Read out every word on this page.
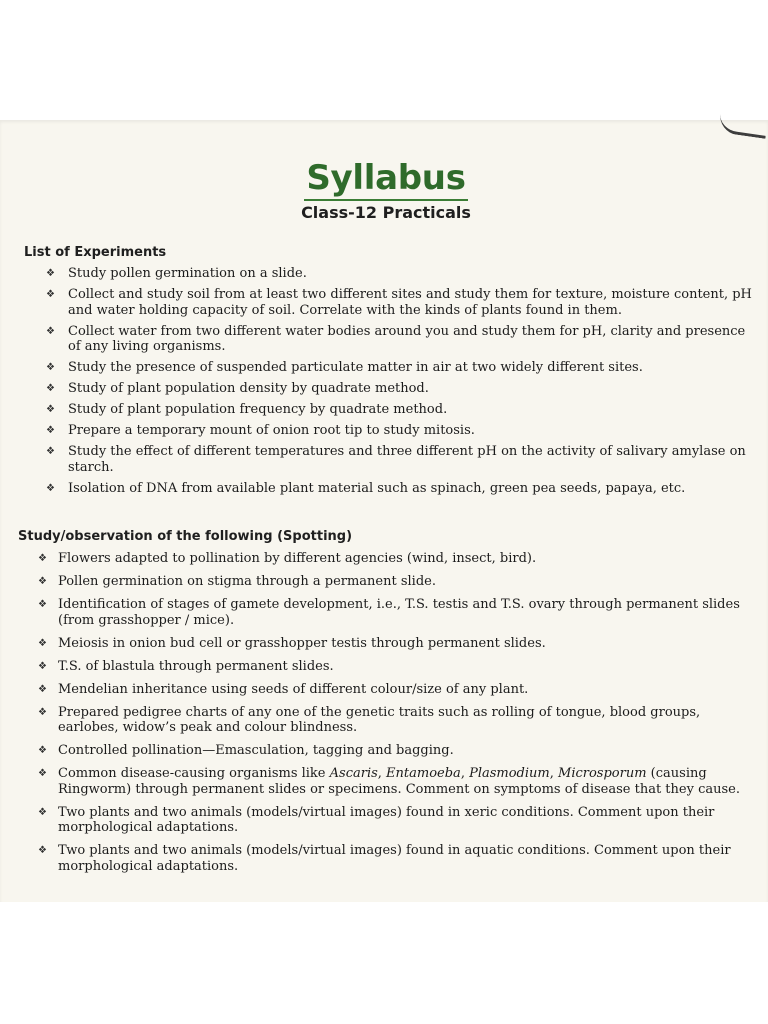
Syllabus
Class-12 Practicals
List of Experiments
❖ Study pollen germination on a slide.
❖ Collect and study soil from at least two different sites and study them for texture, moisture content, pH and water holding capacity of soil. Correlate with the kinds of plants found in them.
❖ Collect water from two different water bodies around you and study them for pH, clarity and presence of any living organisms.
❖ Study the presence of suspended particulate matter in air at two widely different sites.
❖ Study of plant population density by quadrate method.
❖ Study of plant population frequency by quadrate method.
❖ Prepare a temporary mount of onion root tip to study mitosis.
❖ Study the effect of different temperatures and three different pH on the activity of salivary amylase on starch.
❖ Isolation of DNA from available plant material such as spinach, green pea seeds, papaya, etc.
Study/observation of the following (Spotting)
❖ Flowers adapted to pollination by different agencies (wind, insect, bird).
❖ Pollen germination on stigma through a permanent slide.
❖ Identification of stages of gamete development, i.e., T.S. testis and T.S. ovary through permanent slides (from grasshopper / mice).
❖ Meiosis in onion bud cell or grasshopper testis through permanent slides.
❖ T.S. of blastula through permanent slides.
❖ Mendelian inheritance using seeds of different colour/size of any plant.
❖ Prepared pedigree charts of any one of the genetic traits such as rolling of tongue, blood groups, earlobes, widow’s peak and colour blindness.
❖ Controlled pollination—Emasculation, tagging and bagging.
❖ Common disease-causing organisms like Ascaris, Entamoeba, Plasmodium, Microsporum (causing Ringworm) through permanent slides or specimens. Comment on symptoms of disease that they cause.
❖ Two plants and two animals (models/virtual images) found in xeric conditions. Comment upon their morphological adaptations.
❖ Two plants and two animals (models/virtual images) found in aquatic conditions. Comment upon their morphological adaptations.
